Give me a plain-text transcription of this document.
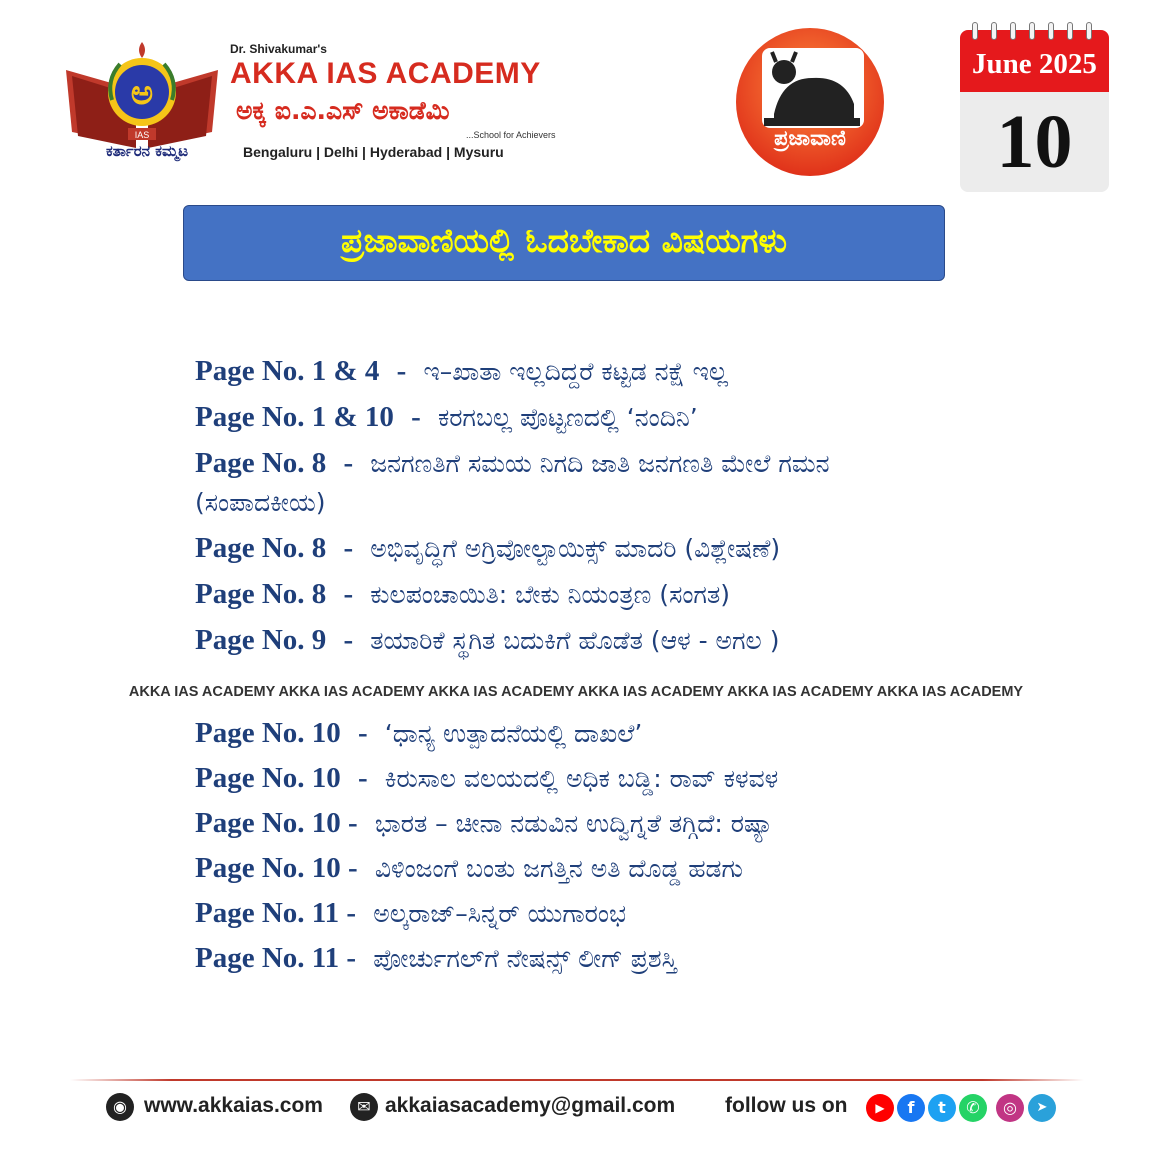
ಅ
IAS
ಕರ್ತಾರನ ಕಮ್ಮಟ
Dr. Shivakumar's
AKKA IAS ACADEMY
ಅಕ್ಕ ಐ.ಎ.ಎಸ್ ಅಕಾಡೆಮಿ
...School for Achievers
Bengaluru | Delhi | Hyderabad | Mysuru
ಪ್ರಜಾವಾಣಿ
June 2025
10
ಪ್ರಜಾವಾಣಿಯಲ್ಲಿ ಓದಬೇಕಾದ ವಿಷಯಗಳು
Page No. 1 & 4 - ಇ–ಖಾತಾ ಇಲ್ಲದಿದ್ದರೆ ಕಟ್ಟಡ ನಕ್ಷೆ ಇಲ್ಲ
Page No. 1 & 10 - ಕರಗಬಲ್ಲ ಪೊಟ್ಟಣದಲ್ಲಿ ‘ನಂದಿನಿ’
Page No. 8 - ಜನಗಣತಿಗೆ ಸಮಯ ನಿಗದಿ ಜಾತಿ ಜನಗಣತಿ ಮೇಲೆ ಗಮನ
(ಸಂಪಾದಕೀಯ)
Page No. 8 - ಅಭಿವೃದ್ಧಿಗೆ ಅಗ್ರಿವೋಲ್ಟಾಯಿಕ್ಸ್ ಮಾದರಿ (ವಿಶ್ಲೇಷಣೆ)
Page No. 8 - ಕುಲಪಂಚಾಯಿತಿ: ಬೇಕು ನಿಯಂತ್ರಣ (ಸಂಗತ)
Page No. 9 - ತಯಾರಿಕೆ ಸ್ಥಗಿತ ಬದುಕಿಗೆ ಹೊಡೆತ (ಆಳ - ಅಗಲ )
AKKA IAS ACADEMY AKKA IAS ACADEMY AKKA IAS ACADEMY AKKA IAS ACADEMY AKKA IAS ACADEMY AKKA IAS ACADEMY
Page No. 10 - ‘ಧಾನ್ಯ ಉತ್ಪಾದನೆಯಲ್ಲಿ ದಾಖಲೆ’
Page No. 10 - ಕಿರುಸಾಲ ವಲಯದಲ್ಲಿ ಅಧಿಕ ಬಡ್ಡಿ: ರಾವ್ ಕಳವಳ
Page No. 10 - ಭಾರತ – ಚೀನಾ ನಡುವಿನ ಉದ್ವಿಗ್ನತೆ ತಗ್ಗಿದೆ: ರಷ್ಯಾ
Page No. 10 - ವಿಳಿಂಜಂಗೆ ಬಂತು ಜಗತ್ತಿನ ಅತಿ ದೊಡ್ಡ ಹಡಗು
Page No. 11 - ಅಲ್ಕರಾಜ್–ಸಿನ್ನರ್ ಯುಗಾರಂಭ
Page No. 11 - ಪೋರ್ಚುಗಲ್‌ಗೆ ನೇಷನ್ಸ್ ಲೀಗ್ ಪ್ರಶಸ್ತಿ
◉ www.akkaias.com	✉ akkaiasacademy@gmail.com follow us on	▶	f	t	✆	◎	➤
